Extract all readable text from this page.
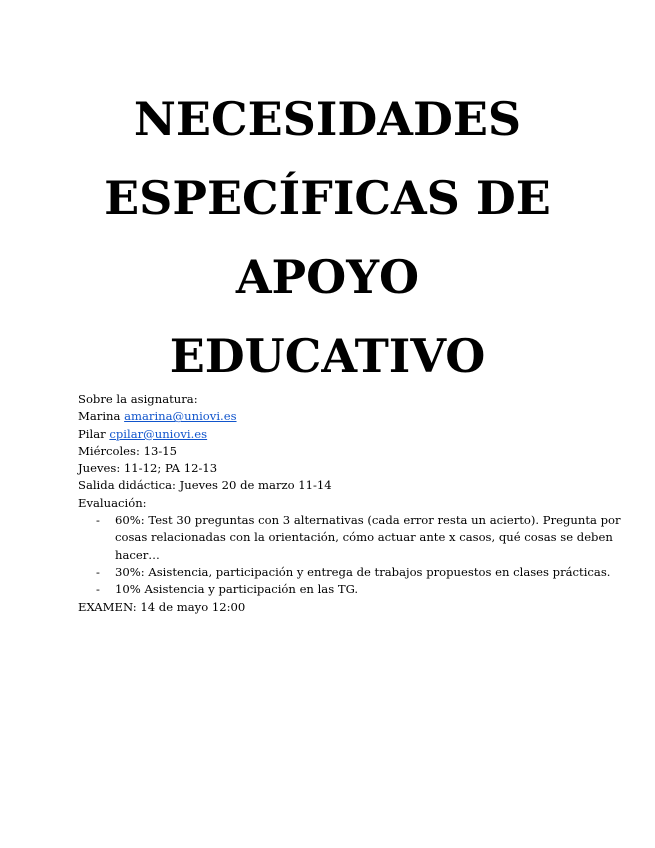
NECESIDADES
ESPECÍFICAS DE
APOYO
EDUCATIVO
Sobre la asignatura:
Marina amarina@uniovi.es
Pilar cpilar@uniovi.es
Miércoles: 13-15
Jueves: 11-12; PA 12-13
Salida didáctica: Jueves 20 de marzo 11-14
Evaluación:
- 60%: Test 30 preguntas con 3 alternativas (cada error resta un acierto). Pregunta por
cosas relacionadas con la orientación, cómo actuar ante x casos, qué cosas se deben
hacer…
- 30%: Asistencia, participación y entrega de trabajos propuestos en clases prácticas.
- 10% Asistencia y participación en las TG.
EXAMEN: 14 de mayo 12:00
